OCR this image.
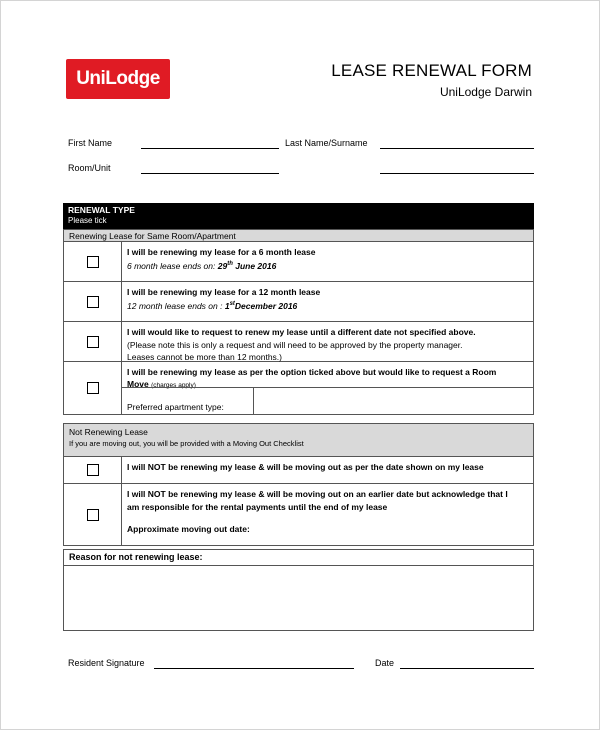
Uni Lodge	LEASE RENEWAL FORM
UniLodge Darwin
First Name	Last Name/Surname
Room/Unit
RENEWAL TYPE
Please tick
Renewing Lease for Same Room/Apartment
I will be renewing my lease for a 6 month lease
6 month lease ends on: 29th June 2016
I will be renewing my lease for a 12 month lease
12 month lease ends on : 1stDecember 2016
I will would like to request to renew my lease until a different date not specified above.
(Please note this is only a request and will need to be approved by the property manager.
Leases cannot be more than 12 months.)
I will be renewing my lease as per the option ticked above but would like to request a Room
Move (charges apply)
Preferred apartment type:
Not Renewing Lease
If you are moving out, you will be provided with a Moving Out Checklist
I will NOT be renewing my lease & will be moving out as per the date shown on my lease
I will NOT be renewing my lease & will be moving out on an earlier date but acknowledge that I
am responsible for the rental payments until the end of my lease
Approximate moving out date:
Reason for not renewing lease:
Resident Signature	Date
